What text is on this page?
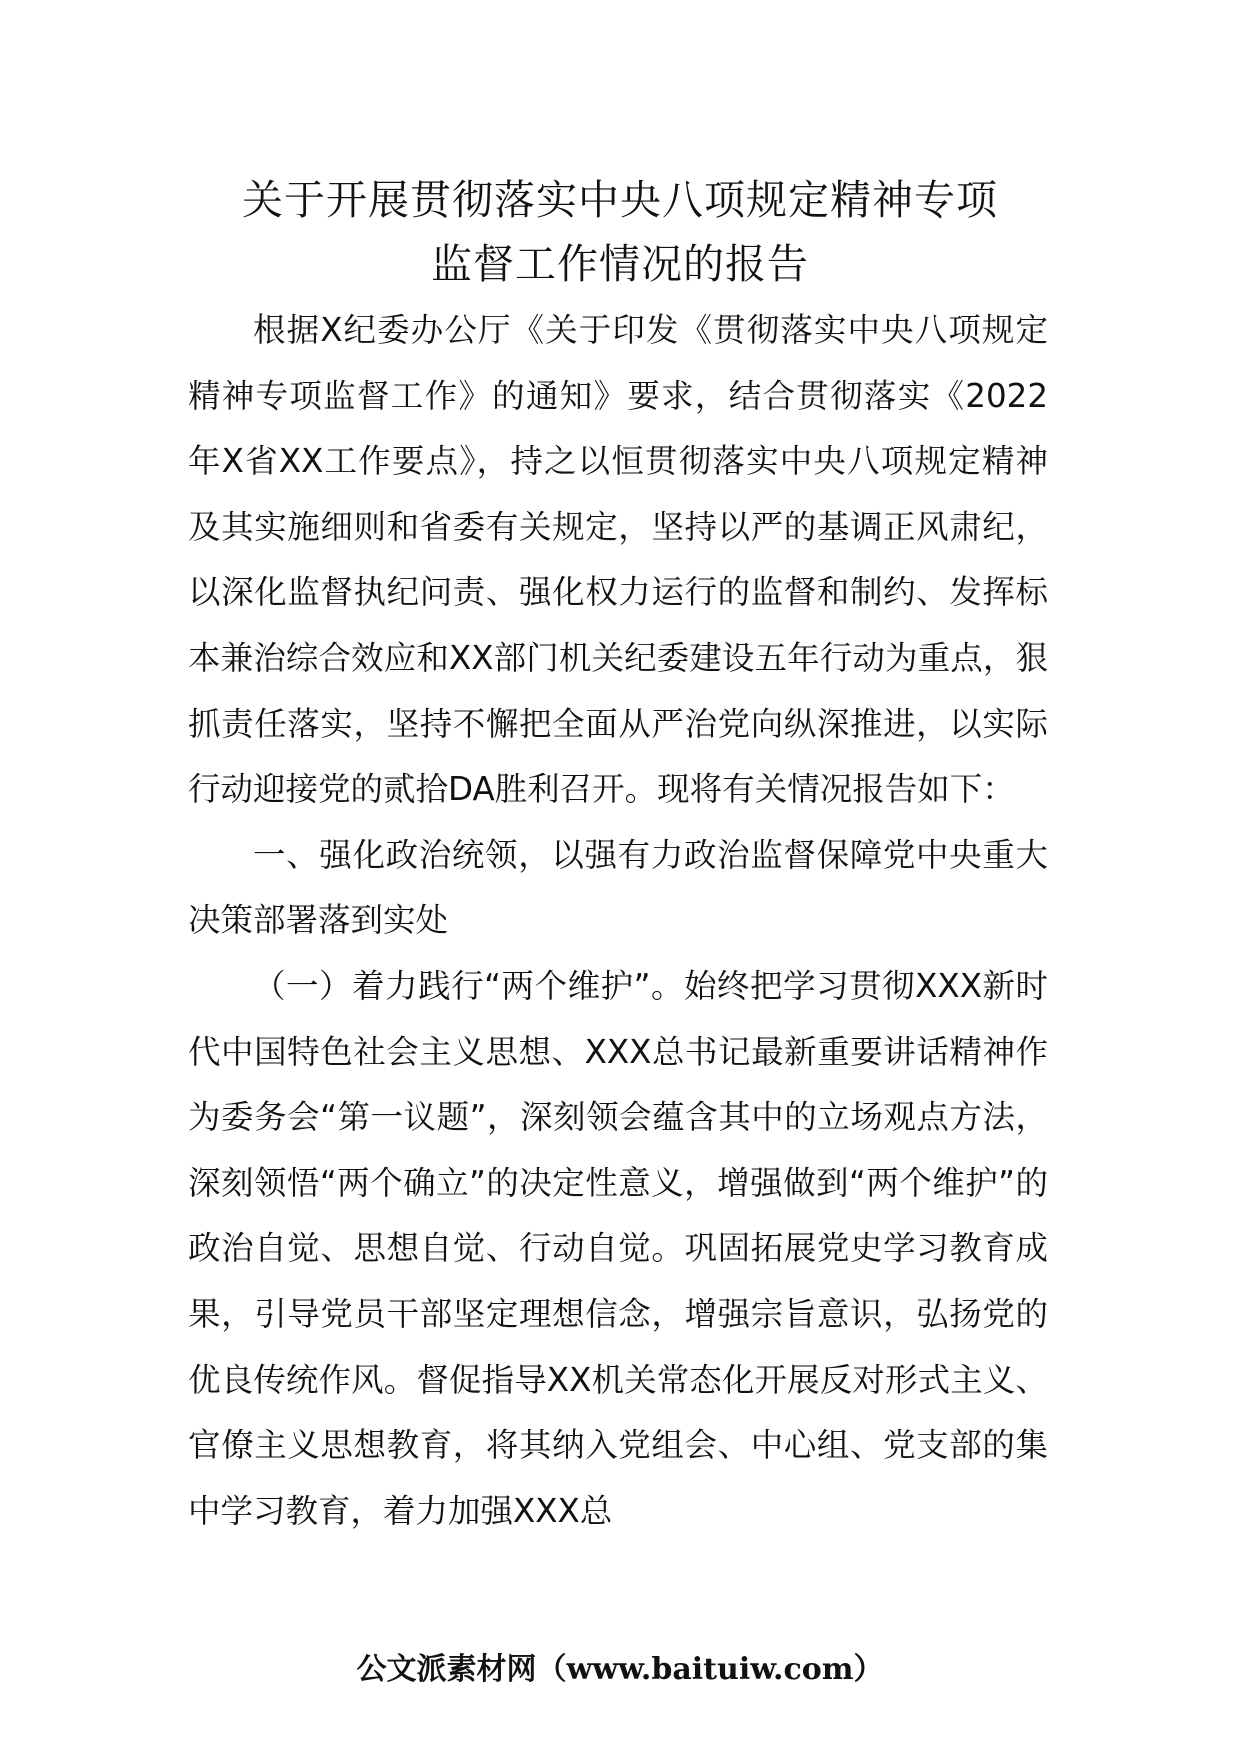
关于开展贯彻落实中央八项规定精神专项
监督工作情况的报告

根据X纪委办公厅《关于印发《贯彻落实中央八项规定精神专项监督工作》的通知》要求，结合贯彻落实《2022年X省XX工作要点》，持之以恒贯彻落实中央八项规定精神及其实施细则和省委有关规定，坚持以严的基调正风肃纪，以深化监督执纪问责、强化权力运行的监督和制约、发挥标本兼治综合效应和XX部门机关纪委建设五年行动为重点，狠抓责任落实，坚持不懈把全面从严治党向纵深推进，以实际行动迎接党的贰拾DA胜利召开。现将有关情况报告如下：

一、强化政治统领，以强有力政治监督保障党中央重大决策部署落到实处

（一）着力践行“两个维护”。始终把学习贯彻XXX新时代中国特色社会主义思想、XXX总书记最新重要讲话精神作为委务会“第一议题”，深刻领会蕴含其中的立场观点方法，深刻领悟“两个确立”的决定性意义，增强做到“两个维护”的政治自觉、思想自觉、行动自觉。巩固拓展党史学习教育成果，引导党员干部坚定理想信念，增强宗旨意识，弘扬党的优良传统作风。督促指导XX机关常态化开展反对形式主义、官僚主义思想教育，将其纳入党组会、中心组、党支部的集中学习教育，着力加强XXX总

公文派素材网（www.baituiw.com）
